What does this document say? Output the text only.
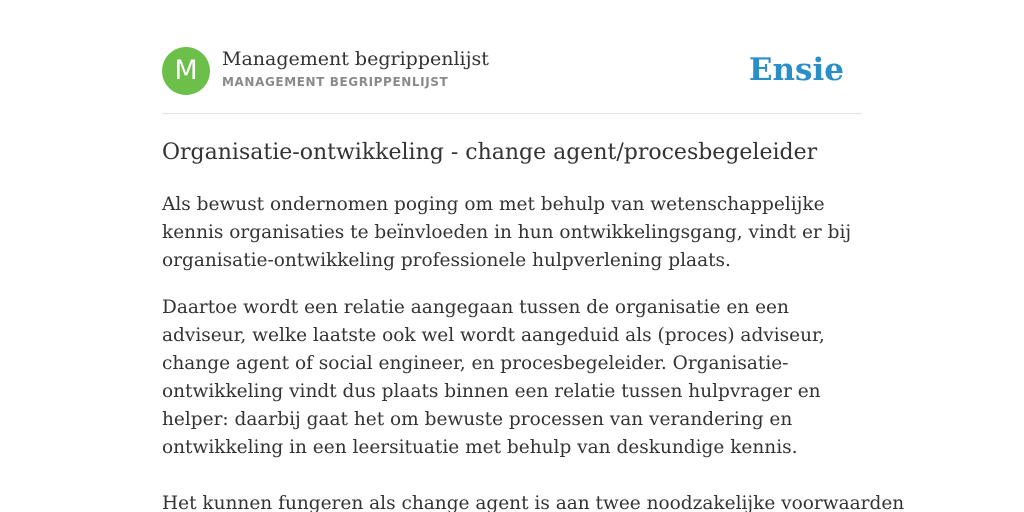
M	Management begrippenlijst
MANAGEMENT BEGRIPPENLIJST	Ensie
Organisatie-ontwikkeling - change agent/procesbegeleider

Als bewust ondernomen poging om met behulp van wetenschappelijke kennis organisaties te beïnvloeden in hun ontwikkelingsgang, vindt er bij organisatie-ontwikkeling professionele hulpverlening plaats.

Daartoe wordt een relatie aangegaan tussen de organisatie en een adviseur, welke laatste ook wel wordt aangeduid als (proces) adviseur, change agent of social engineer, en procesbegeleider. Organisatie-ontwikkeling vindt dus plaats binnen een relatie tussen hulpvrager en helper: daarbij gaat het om bewuste processen van verandering en ontwikkeling in een leersituatie met behulp van deskundige kennis.

Het kunnen fungeren als change agent is aan twee noodzakelijke voorwaarden
